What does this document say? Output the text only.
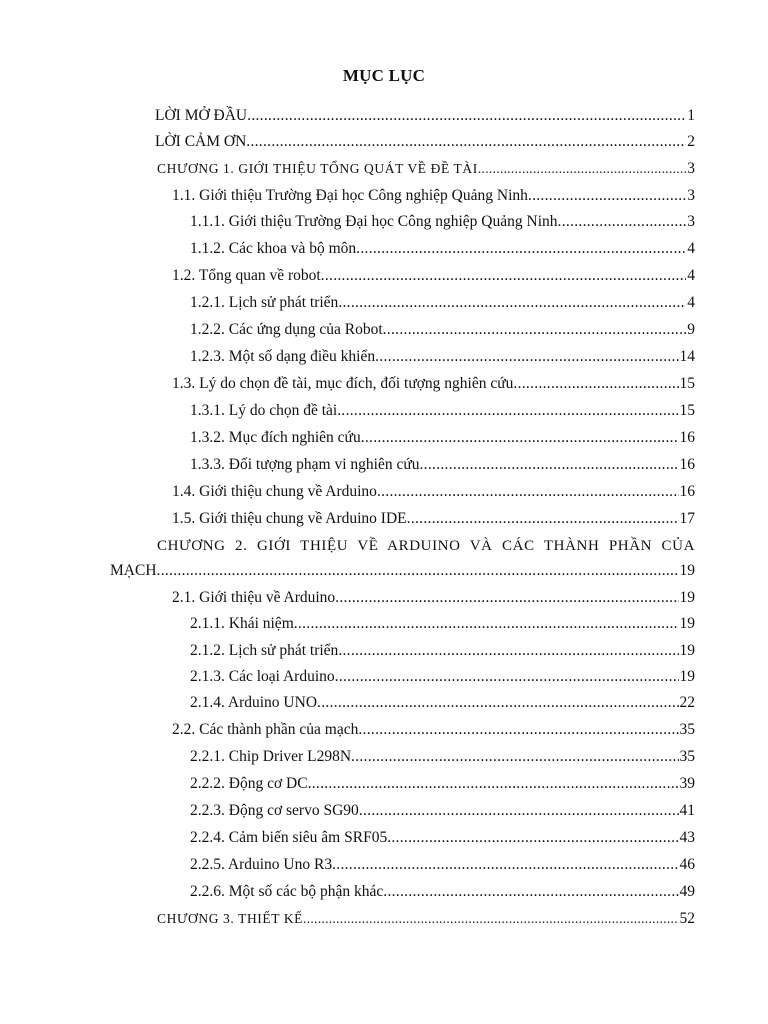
MỤC LỤC
LỜI MỞ ĐẦU .....	1
LỜI CẢM ƠN .....	2
CHƯƠNG 1. GIỚI THIỆU TỔNG QUÁT VỀ ĐỀ TÀI .....	3
1.1. Giới thiệu Trường Đại học Công nghiệp Quảng Ninh .....	3
1.1.1. Giới thiệu Trường Đại học Công nghiệp Quảng Ninh .....	3
1.1.2. Các khoa và bộ môn .....	4
1.2. Tổng quan về robot .....	4
1.2.1. Lịch sử phát triển .....	4
1.2.2. Các ứng dụng của Robot .....	9
1.2.3. Một số dạng điều khiển .....	14
1.3. Lý do chọn đề tài, mục đích, đối tượng nghiên cứu .....	15
1.3.1. Lý do chọn đề tài .....	15
1.3.2. Mục đích nghiên cứu .....	16
1.3.3. Đối tượng phạm vi nghiên cứu .....	16
1.4. Giới thiệu chung về Arduino .....	16
1.5. Giới thiệu chung về Arduino IDE .....	17
CHƯƠNG 2. GIỚI THIỆU VỀ ARDUINO VÀ CÁC THÀNH PHẦN CỦA
MẠCH .....	19
2.1. Giới thiệu về Arduino .....	19
2.1.1. Khái niệm .....	19
2.1.2. Lịch sử phát triển .....	19
2.1.3. Các loại Arduino .....	19
2.1.4. Arduino UNO .....	22
2.2. Các thành phần của mạch .....	35
2.2.1. Chip Driver L298N .....	35
2.2.2. Động cơ DC .....	39
2.2.3. Động cơ servo SG90 .....	41
2.2.4. Cảm biến siêu âm SRF05 .....	43
2.2.5. Arduino Uno R3 .....	46
2.2.6. Một số các bộ phận khác .....	49
CHƯƠNG 3. THIẾT KẾ .....	52
